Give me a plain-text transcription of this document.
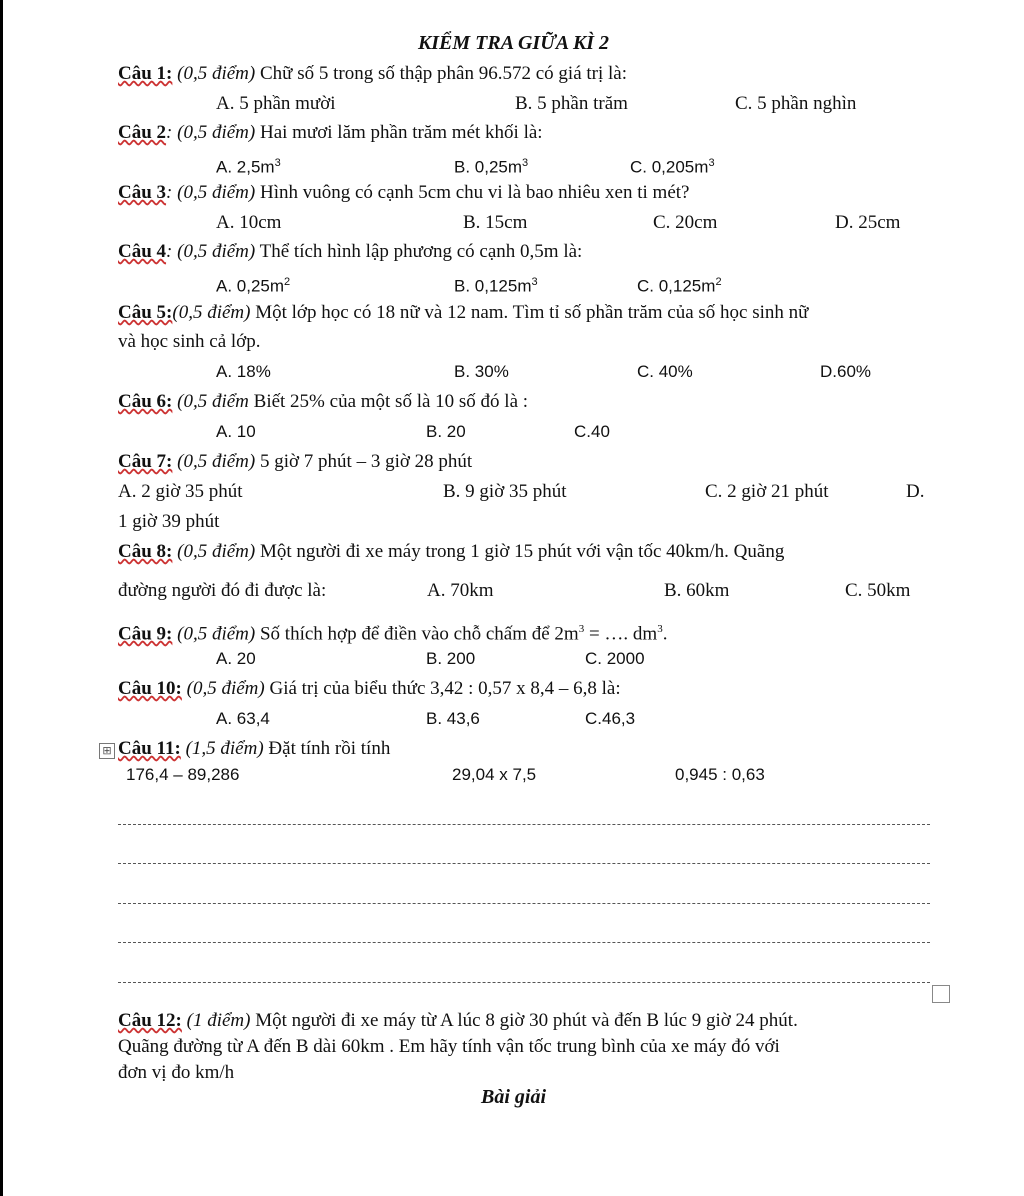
KIỂM TRA GIỮA KÌ 2
Câu 1: (0,5 điểm) Chữ số 5 trong số thập phân 96.572 có giá trị là:
A. 5 phần mười	B. 5 phần trăm	C. 5 phần nghìn
Câu 2: (0,5 điểm) Hai mươi lăm phần trăm mét khối là:
A. $2,5m^3$	B. $0,25m^3$	C. $0,205m^3$
Câu 3: (0,5 điểm) Hình vuông có cạnh 5cm chu vi là bao nhiêu xen ti mét?
A. 10cm	B. 15cm	C. 20cm	D. 25cm
Câu 4: (0,5 điểm) Thể tích hình lập phương có cạnh 0,5m là:
A. $0,25m^2$	B. $0,125m^3$	C. $0,125m^2$
Câu 5:(0,5 điểm) Một lớp học có 18 nữ và 12 nam. Tìm tỉ số phần trăm của số học sinh nữ
và học sinh cả lớp.
A. 18%	B. 30%	C. 40%	D.60%
Câu 6: (0,5 điểm Biết 25% của một số là 10 số đó là :
A. 10	B. 20	C.40
Câu 7: (0,5 điểm) 5 giờ 7 phút – 3 giờ 28 phút
A. 2 giờ 35 phút	B. 9 giờ 35 phút	C. 2 giờ 21 phút	D.
1 giờ 39 phút
Câu 8: (0,5 điểm) Một người đi xe máy trong 1 giờ 15 phút với vận tốc 40km/h. Quãng
đường người đó đi được là:	A. 70km	B. 60km	C. 50km
Câu 9: (0,5 điểm) Số thích hợp để điền vào chỗ chấm để $2m^3$ = …. $dm^3$.
A. 20	B. 200	C. 2000
Câu 10: (0,5 điểm) Giá trị của biểu thức 3,42 : 0,57 x 8,4 – 6,8 là:
A. 63,4	B. 43,6	C.46,3
⊞ Câu 11: (1,5 điểm) Đặt tính rồi tính
176,4 – 89,286	29,04 x 7,5	0,945 : 0,63
Câu 12: (1 điểm) Một người đi xe máy từ A lúc 8 giờ 30 phút và đến B lúc 9 giờ 24 phút.
Quãng đường từ A đến B dài 60km . Em hãy tính vận tốc trung bình của xe máy đó với
đơn vị đo km/h
Bài giải
